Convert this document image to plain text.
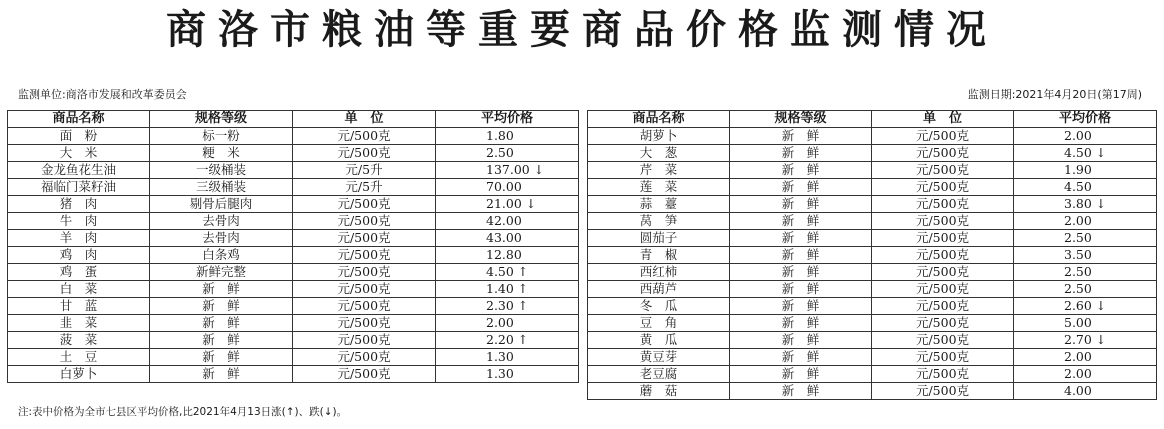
商洛市粮油等重要商品价格监测情况
监测单位:商洛市发展和改革委员会	监测日期:2021年4月20日(第17周)
商品名称	规格等级	单　位	平均价格
面　粉	标一粉	元/500克	1.80
大　米	粳　米	元/500克	2.50
金龙鱼花生油	一级桶装	元/5升	137.00 ↓
福临门菜籽油	三级桶装	元/5升	70.00
猪　肉	剔骨后腿肉	元/500克	21.00 ↓
牛　肉	去骨肉	元/500克	42.00
羊　肉	去骨肉	元/500克	43.00
鸡　肉	白条鸡	元/500克	12.80
鸡　蛋	新鲜完整	元/500克	4.50 ↑
白　菜	新　鲜	元/500克	1.40 ↑
甘　蓝	新　鲜	元/500克	2.30 ↑
韭　菜	新　鲜	元/500克	2.00
菠　菜	新　鲜	元/500克	2.20 ↑
土　豆	新　鲜	元/500克	1.30
白萝卜	新　鲜	元/500克	1.30
商品名称	规格等级	单　位	平均价格
胡萝卜	新　鲜	元/500克	2.00
大　葱	新　鲜	元/500克	4.50 ↓
芹　菜	新　鲜	元/500克	1.90
莲　菜	新　鲜	元/500克	4.50
蒜　薹	新　鲜	元/500克	3.80 ↓
莴　笋	新　鲜	元/500克	2.00
圆茄子	新　鲜	元/500克	2.50
青　椒	新　鲜	元/500克	3.50
西红柿	新　鲜	元/500克	2.50
西葫芦	新　鲜	元/500克	2.50
冬　瓜	新　鲜	元/500克	2.60 ↓
豆　角	新　鲜	元/500克	5.00
黄　瓜	新　鲜	元/500克	2.70 ↓
黄豆芽	新　鲜	元/500克	2.00
老豆腐	新　鲜	元/500克	2.00
蘑　菇	新　鲜	元/500克	4.00
注:表中价格为全市七县区平均价格,比2021年4月13日涨(↑)、跌(↓)。
